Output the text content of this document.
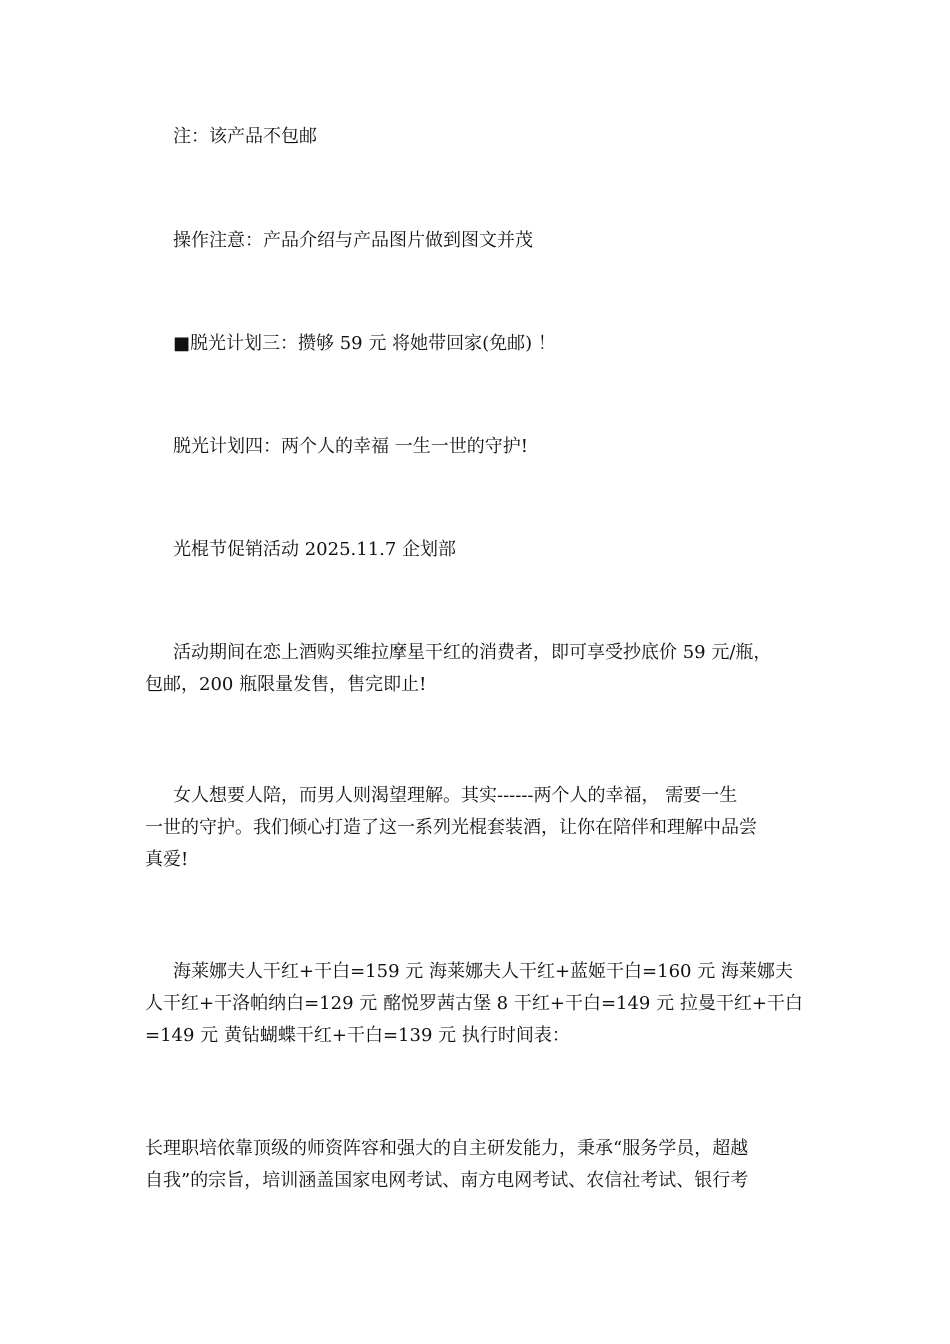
注：该产品不包邮
操作注意：产品介绍与产品图片做到图文并茂
■脱光计划三：攒够 59 元 将她带回家(免邮) ！
脱光计划四：两个人的幸福 一生一世的守护!
光棍节促销活动 2025.11.7 企划部
活动期间在恋上酒购买维拉摩星干红的消费者，即可享受抄底价 59 元/瓶，
包邮，200 瓶限量发售，售完即止!
女人想要人陪，而男人则渴望理解。其实------两个人的幸福， 需要一生
一世的守护。我们倾心打造了这一系列光棍套装酒，让你在陪伴和理解中品尝
真爱!
海莱娜夫人干红+干白=159 元 海莱娜夫人干红+蓝姬干白=160 元 海莱娜夫
人干红+干洛帕纳白=129 元 酩悦罗茜古堡 8 干红+干白=149 元 拉曼干红+干白
=149 元 黄钻蝴蝶干红+干白=139 元 执行时间表：
长理职培依靠顶级的师资阵容和强大的自主研发能力，秉承“服务学员，超越
自我”的宗旨，培训涵盖国家电网考试、南方电网考试、农信社考试、银行考
